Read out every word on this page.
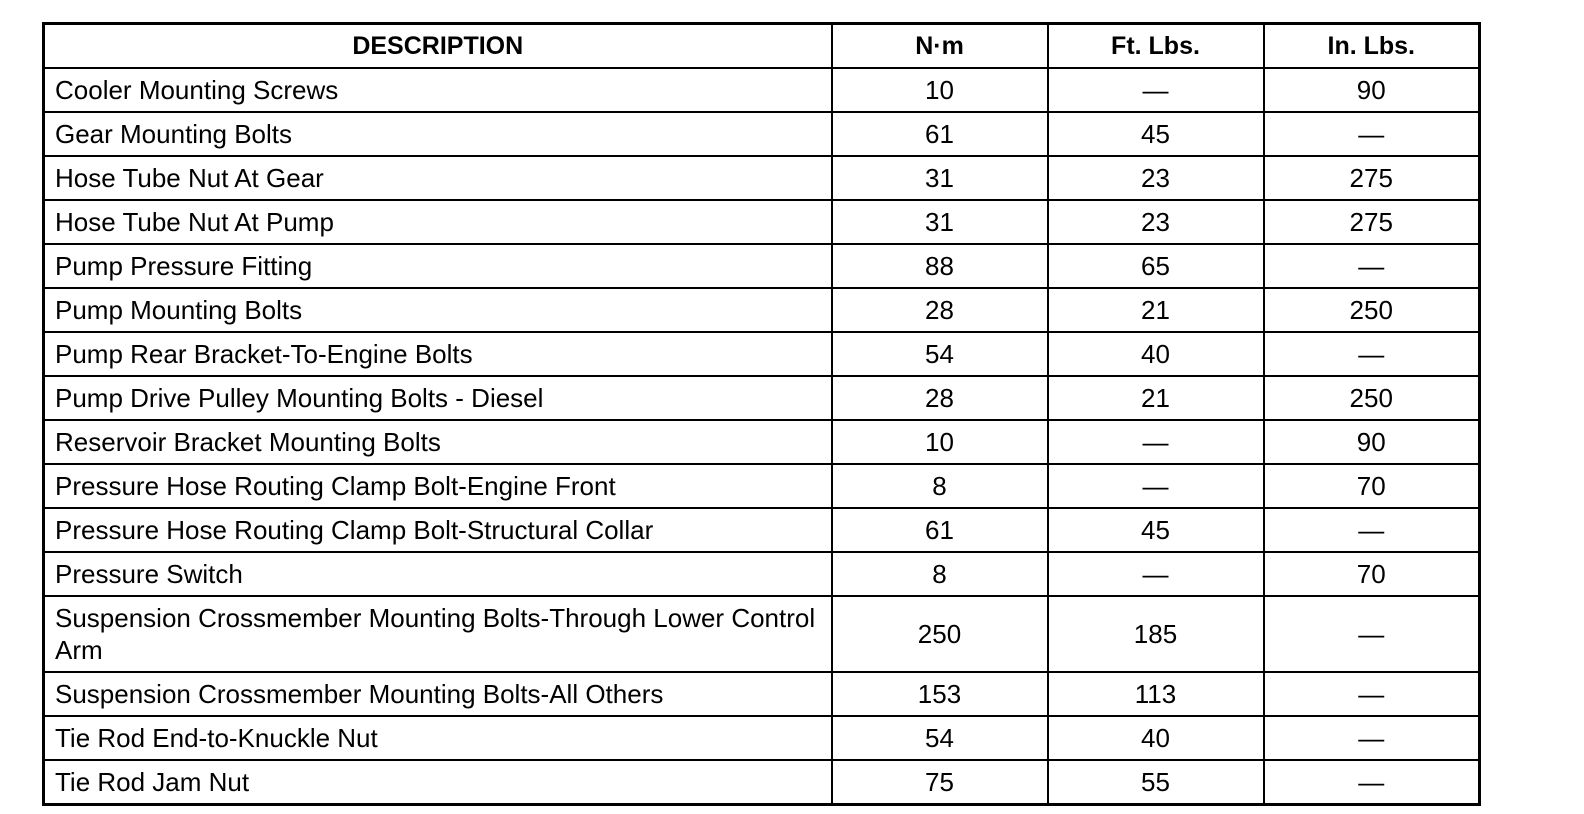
DESCRIPTION	N·m	Ft. Lbs.	In. Lbs.
Cooler Mounting Screws	10	—	90
Gear Mounting Bolts	61	45	—
Hose Tube Nut At Gear	31	23	275
Hose Tube Nut At Pump	31	23	275
Pump Pressure Fitting	88	65	—
Pump Mounting Bolts	28	21	250
Pump Rear Bracket-To-Engine Bolts	54	40	—
Pump Drive Pulley Mounting Bolts - Diesel	28	21	250
Reservoir Bracket Mounting Bolts	10	—	90
Pressure Hose Routing Clamp Bolt-Engine Front	8	—	70
Pressure Hose Routing Clamp Bolt-Structural Collar	61	45	—
Pressure Switch	8	—	70
Suspension Crossmember Mounting Bolts-Through Lower Control Arm	250	185	—
Suspension Crossmember Mounting Bolts-All Others	153	113	—
Tie Rod End-to-Knuckle Nut	54	40	—
Tie Rod Jam Nut	75	55	—
